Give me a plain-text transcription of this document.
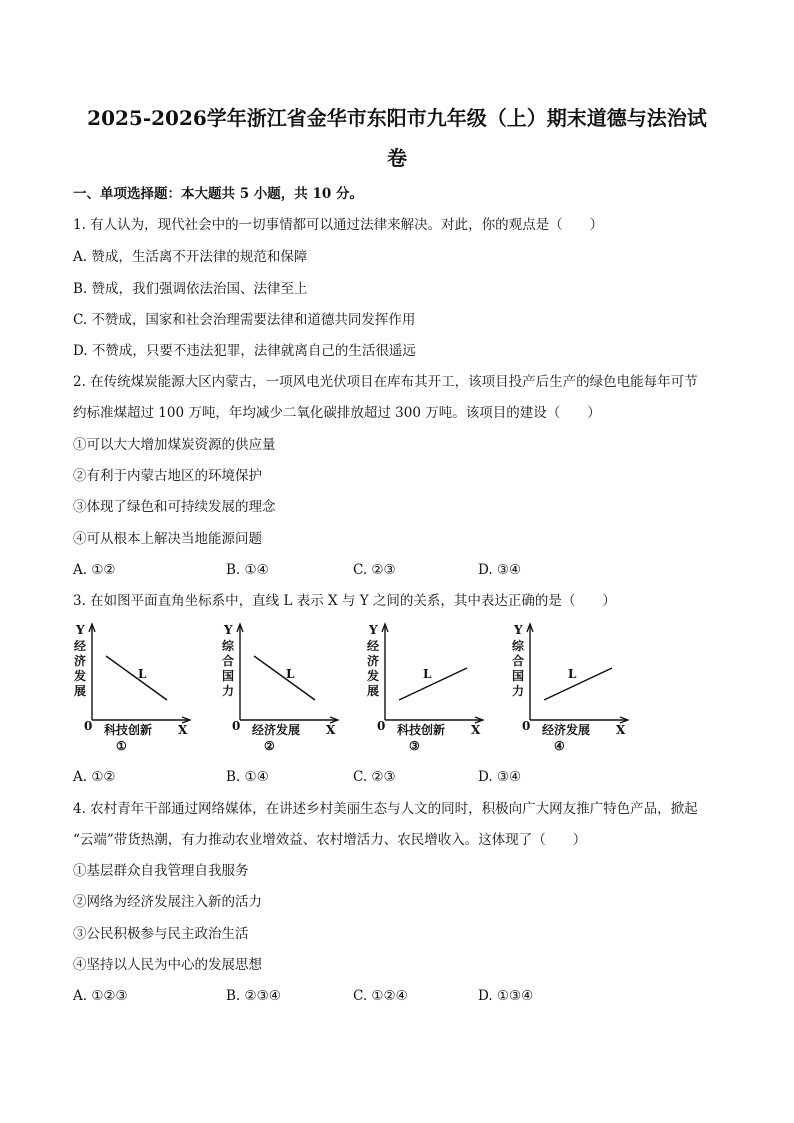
2025-2026学年浙江省金华市东阳市九年级（上）期末道德与法治试
卷
一、单项选择题：本大题共 5 小题，共 10 分。
1. 有人认为，现代社会中的一切事情都可以通过法律来解决。对此，你的观点是（　　）
A. 赞成，生活离不开法律的规范和保障
B. 赞成，我们强调依法治国、法律至上
C. 不赞成，国家和社会治理需要法律和道德共同发挥作用
D. 不赞成，只要不违法犯罪，法律就离自己的生活很遥远
2. 在传统煤炭能源大区内蒙古，一项风电光伏项目在库布其开工，该项目投产后生产的绿色电能每年可节
约标准煤超过 100 万吨，年均减少二氧化碳排放超过 300 万吨。该项目的建设（　　）
①可以大大增加煤炭资源的供应量
②有利于内蒙古地区的环境保护
③体现了绿色和可持续发展的理念
④可从根本上解决当地能源问题
A. ①②	B. ①④	C. ②③	D. ③④
3. 在如图平面直角坐标系中，直线 L 表示 X 与 Y 之间的关系，其中表达正确的是（　　）
Y
经
济
发
展
0 科技创新 X
①
L
Y
综
合
国
力
0 经济发展 X
②
L
Y
经
济
发
展
0 科技创新 X
③
L
Y
综
合
国
力
0 经济发展 X
④
L
A. ①②	B. ①④	C. ②③	D. ③④
4. 农村青年干部通过网络媒体，在讲述乡村美丽生态与人文的同时，积极向广大网友推广特色产品，掀起
“云端”带货热潮，有力推动农业增效益、农村增活力、农民增收入。这体现了（　　）
①基层群众自我管理自我服务
②网络为经济发展注入新的活力
③公民积极参与民主政治生活
④坚持以人民为中心的发展思想
A. ①②③	B. ②③④	C. ①②④	D. ①③④
